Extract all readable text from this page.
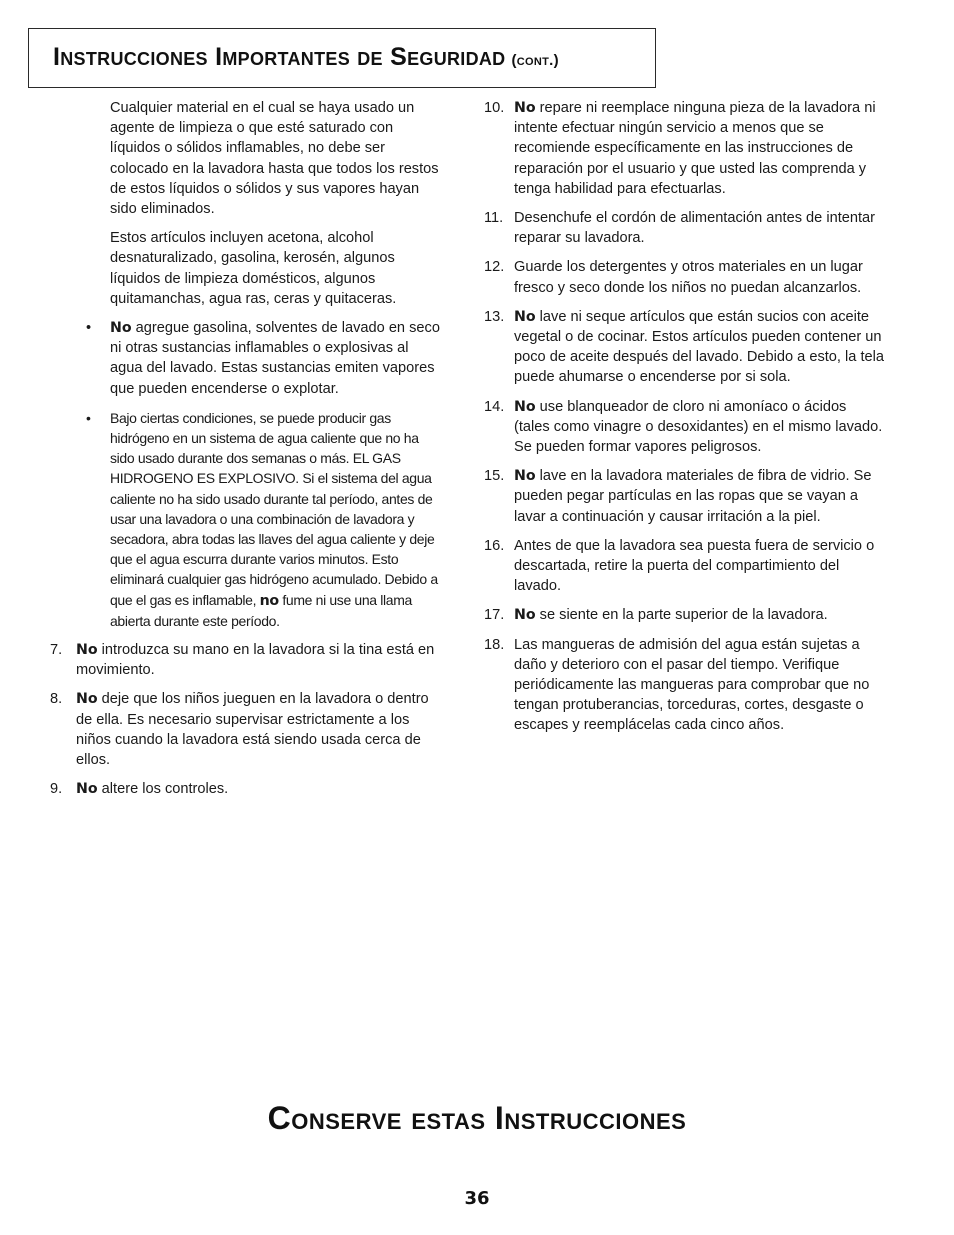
Instrucciones Importantes de Seguridad (cont.)

Cualquier material en el cual se haya usado un agente de limpieza o que esté saturado con líquidos o sólidos inflamables, no debe ser colocado en la lavadora hasta que todos los restos de estos líquidos o sólidos y sus vapores hayan sido eliminados.

Estos artículos incluyen acetona, alcohol desnaturalizado, gasolina, kerosén, algunos líquidos de limpieza domésticos, algunos quitamanchas, agua ras, ceras y quitaceras.

• No agregue gasolina, solventes de lavado en seco ni otras sustancias inflamables o explosivas al agua del lavado. Estas sustancias emiten vapores que pueden encenderse o explotar.
• Bajo ciertas condiciones, se puede producir gas hidrógeno en un sistema de agua caliente que no ha sido usado durante dos semanas o más. EL GAS HIDROGENO ES EXPLOSIVO. Si el sistema del agua caliente no ha sido usado durante tal período, antes de usar una lavadora o una combinación de lavadora y secadora, abra todas las llaves del agua caliente y deje que el agua escurra durante varios minutos. Esto eliminará cualquier gas hidrógeno acumulado. Debido a que el gas es inflamable, no fume ni use una llama abierta durante este período.
7. No introduzca su mano en la lavadora si la tina está en movimiento.
8. No deje que los niños jueguen en la lavadora o dentro de ella. Es necesario supervisar estrictamente a los niños cuando la lavadora está siendo usada cerca de ellos.
9. No altere los controles.
10. No repare ni reemplace ninguna pieza de la lavadora ni intente efectuar ningún servicio a menos que se recomiende específicamente en las instrucciones de reparación por el usuario y que usted las comprenda y tenga habilidad para efectuarlas.
11. Desenchufe el cordón de alimentación antes de intentar reparar su lavadora.
12. Guarde los detergentes y otros materiales en un lugar fresco y seco donde los niños no puedan alcanzarlos.
13. No lave ni seque artículos que están sucios con aceite vegetal o de cocinar. Estos artículos pueden contener un poco de aceite después del lavado. Debido a esto, la tela puede ahumarse o encenderse por si sola.
14. No use blanqueador de cloro ni amoníaco o ácidos (tales como vinagre o desoxidantes) en el mismo lavado. Se pueden formar vapores peligrosos.
15. No lave en la lavadora materiales de fibra de vidrio. Se pueden pegar partículas en las ropas que se vayan a lavar a continuación y causar irritación a la piel.
16. Antes de que la lavadora sea puesta fuera de servicio o descartada, retire la puerta del compartimiento del lavado.
17. No se siente en la parte superior de la lavadora.
18. Las mangueras de admisión del agua están sujetas a daño y deterioro con el pasar del tiempo. Verifique periódicamente las mangueras para comprobar que no tengan protuberancias, torceduras, cortes, desgaste o escapes y reemplácelas cada cinco años.
Conserve estas Instrucciones
36
